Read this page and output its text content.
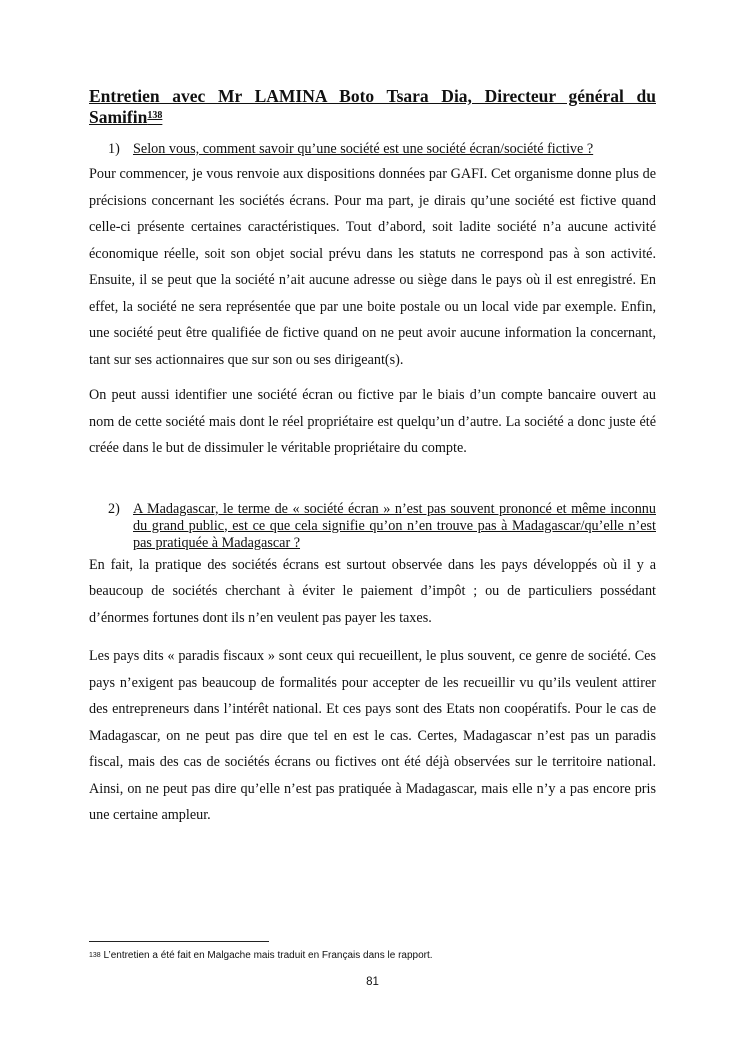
Entretien avec Mr LAMINA Boto Tsara Dia, Directeur général du

Samifin$^{138}$

1) Selon vous, comment savoir qu’une société est une société écran/société fictive ?

Pour commencer, je vous renvoie aux dispositions données par GAFI. Cet organisme donne plus de précisions concernant les sociétés écrans. Pour ma part, je dirais qu’une société est fictive quand celle-ci présente certaines caractéristiques. Tout d’abord, soit ladite société n’a aucune activité économique réelle, soit son objet social prévu dans les statuts ne correspond pas à son activité. Ensuite, il se peut que la société n’ait aucune adresse ou siège dans le pays où il est enregistré. En effet, la société ne sera représentée que par une boite postale ou un local vide par exemple. Enfin, une société peut être qualifiée de fictive quand on ne peut avoir aucune information la concernant, tant sur ses actionnaires que sur son ou ses dirigeant(s).

On peut aussi identifier une société écran ou fictive par le biais d’un compte bancaire ouvert au nom de cette société mais dont le réel propriétaire est quelqu’un d’autre. La société a donc juste été créée dans le but de dissimuler le véritable propriétaire du compte.

2) A Madagascar, le terme de « société écran » n’est pas souvent prononcé et même inconnu du grand public, est ce que cela signifie qu’on n’en trouve pas à Madagascar/qu’elle n’est pas pratiquée à Madagascar ?

En fait, la pratique des sociétés écrans est surtout observée dans les pays développés où il y a beaucoup de sociétés cherchant à éviter le paiement d’impôt ; ou de particuliers possédant d’énormes fortunes dont ils n’en veulent pas payer les taxes.

Les pays dits « paradis fiscaux » sont ceux qui recueillent, le plus souvent, ce genre de société. Ces pays n’exigent pas beaucoup de formalités pour accepter de les recueillir vu qu’ils veulent attirer des entrepreneurs dans l’intérêt national. Et ces pays sont des Etats non coopératifs. Pour le cas de Madagascar, on ne peut pas dire que tel en est le cas. Certes, Madagascar n’est pas un paradis fiscal, mais des cas de sociétés écrans ou fictives ont été déjà observées sur le territoire national. Ainsi, on ne peut pas dire qu’elle n’est pas pratiquée à Madagascar, mais elle n’y a pas encore pris une certaine ampleur.

$^{138}$ L’entretien a été fait en Malgache mais traduit en Français dans le rapport.
81
